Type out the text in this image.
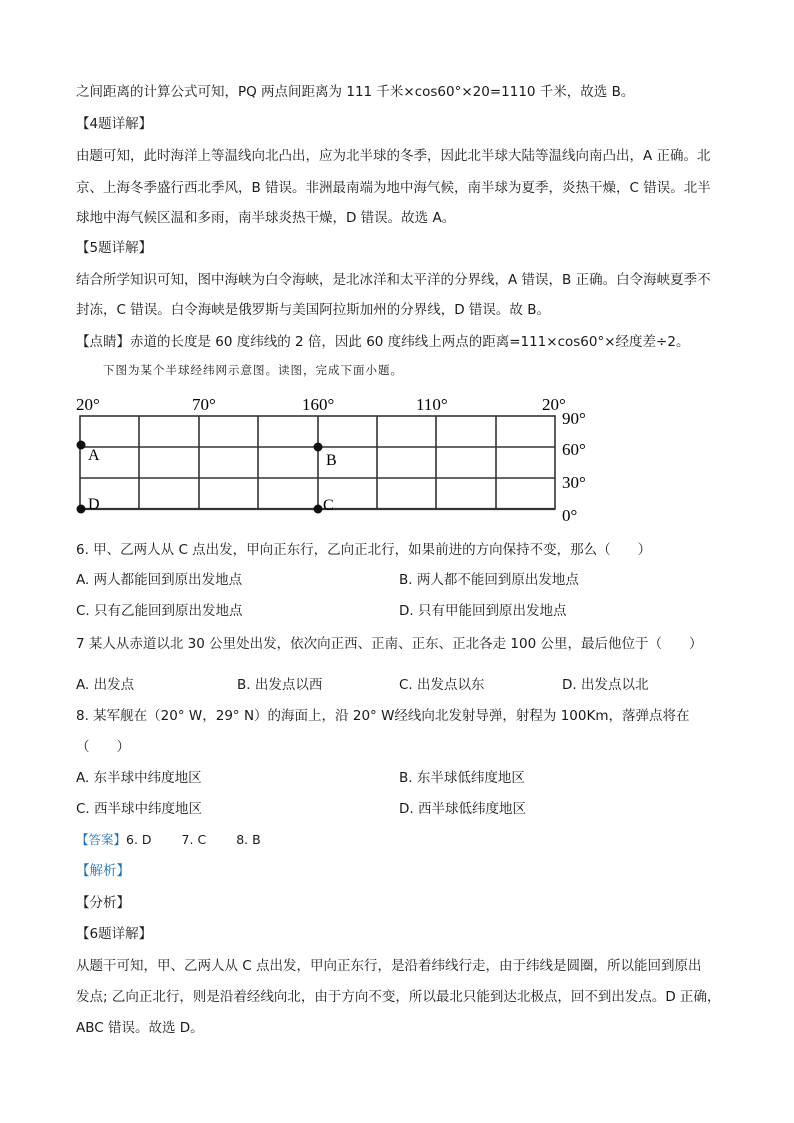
之间距离的计算公式可知，PQ 两点间距离为 111 千米×cos60°×20=1110 千米，故选 B。
【4题详解】
由题可知，此时海洋上等温线向北凸出，应为北半球的冬季，因此北半球大陆等温线向南凸出，A 正确。北
京、上海冬季盛行西北季风，B 错误。非洲最南端为地中海气候，南半球为夏季，炎热干燥，C 错误。北半
球地中海气候区温和多雨，南半球炎热干燥，D 错误。故选 A。
【5题详解】
结合所学知识可知，图中海峡为白令海峡，是北冰洋和太平洋的分界线，A 错误，B 正确。白令海峡夏季不
封冻，C 错误。白令海峡是俄罗斯与美国阿拉斯加州的分界线，D 错误。故 B。
【点睛】赤道的长度是 60 度纬线的 2 倍，因此 60 度纬线上两点的距离=111×cos60°×经度差÷2。
下图为某个半球经纬网示意图。读图，完成下面小题。
20°	70°	160°	110°	20°
90°
60°
30°
0°
A	B
C
D
6. 甲、乙两人从 C 点出发，甲向正东行，乙向正北行，如果前进的方向保持不变，那么（　　）
A. 两人都能回到原出发地点	B. 两人都不能回到原出发地点
C. 只有乙能回到原出发地点	D. 只有甲能回到原出发地点
7 某人从赤道以北 30 公里处出发，依次向正西、正南、正东、正北各走 100 公里，最后他位于（　　）
A. 出发点	B. 出发点以西	C. 出发点以东	D. 出发点以北
8. 某军舰在（20° W，29° N）的海面上，沿 20° W经线向北发射导弹，射程为 100Km，落弹点将在
（　　）
A. 东半球中纬度地区	B. 东半球低纬度地区
C. 西半球中纬度地区	D. 西半球低纬度地区
【答案】6. D 7. C 8. B
【解析】
【分析】
【6题详解】
从题干可知，甲、乙两人从 C 点出发，甲向正东行，是沿着纬线行走，由于纬线是圆圈，所以能回到原出
发点; 乙向正北行，则是沿着经线向北，由于方向不变，所以最北只能到达北极点，回不到出发点。D 正确，
ABC 错误。故选 D。
